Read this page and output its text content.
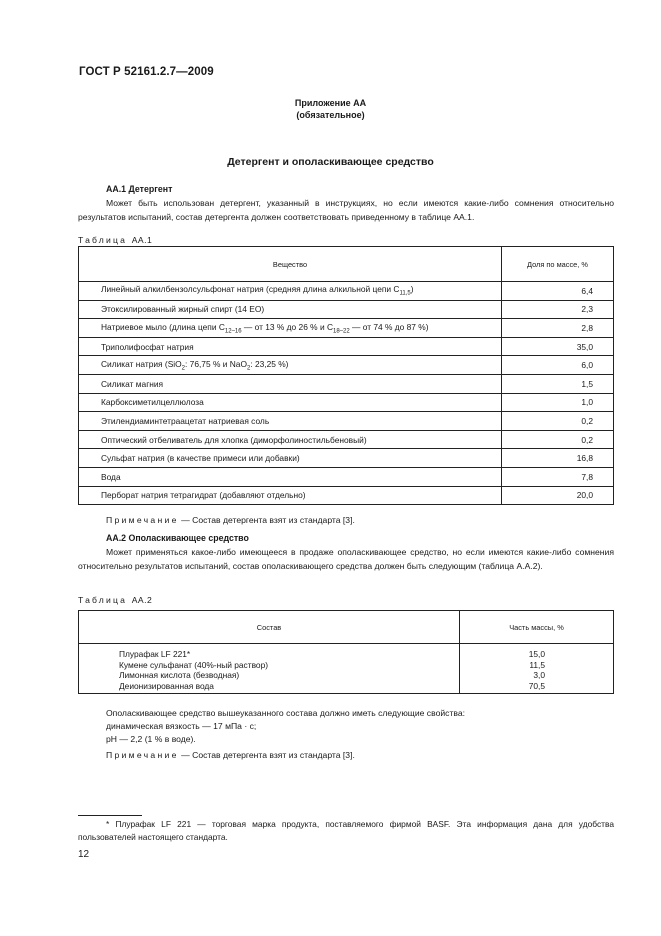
ГОСТ Р 52161.2.7—2009
Приложение АА
(обязательное)
Детергент и ополаскивающее средство
АА.1 Детергент
Может быть использован детергент, указанный в инструкциях, но если имеются какие-либо сомнения относительно результатов испытаний, состав детергента должен соответствовать приведенному в таблице АА.1.
Таблица АА.1
Вещество	Доля по массе, %
Линейный алкилбензолсульфонат натрия (средняя длина алкильной цепи $C_{11,5}$)	6,4
Этоксилированный жирный спирт (14 ЕО)	2,3
Натриевое мыло (длина цепи $C_{12-16}$ — от 13 % до 26 % и $C_{18-22}$ — от 74 % до 87 %)	2,8
Триполифосфат натрия	35,0
Силикат натрия (SiO$_2$: 76,75 % и NaO$_2$: 23,25 %)	6,0
Силикат магния	1,5
Карбоксиметилцеллюлоза	1,0
Этилендиаминтетраацетат натриевая соль	0,2
Оптический отбеливатель для хлопка (диморфолиностильбеновый)	0,2
Сульфат натрия (в качестве примеси или добавки)	16,8
Вода	7,8
Перборат натрия тетрагидрат (добавляют отдельно)	20,0
Примечание — Состав детергента взят из стандарта [3].
АА.2 Ополаскивающее средство
Может применяться какое-либо имеющееся в продаже ополаскивающее средство, но если имеются какие-либо сомнения относительно результатов испытаний, состав ополаскивающего средства должен быть следующим (таблица А.А.2).
Таблица АА.2
Состав	Часть массы, %
Плурафак LF 221*	15,0
Кумене сульфанат (40%-ный раствор)	11,5
Лимонная кислота (безводная)	3,0
Деионизированная вода	70,5
Ополаскивающее средство вышеуказанного состава должно иметь следующие свойства:
динамическая вязкость — 17 мПа · с;
pH — 2,2 (1 % в воде).
Примечание — Состав детергента взят из стандарта [3].
* Плурафак LF 221 — торговая марка продукта, поставляемого фирмой BASF. Эта информация дана для удобства пользователей настоящего стандарта.
12
